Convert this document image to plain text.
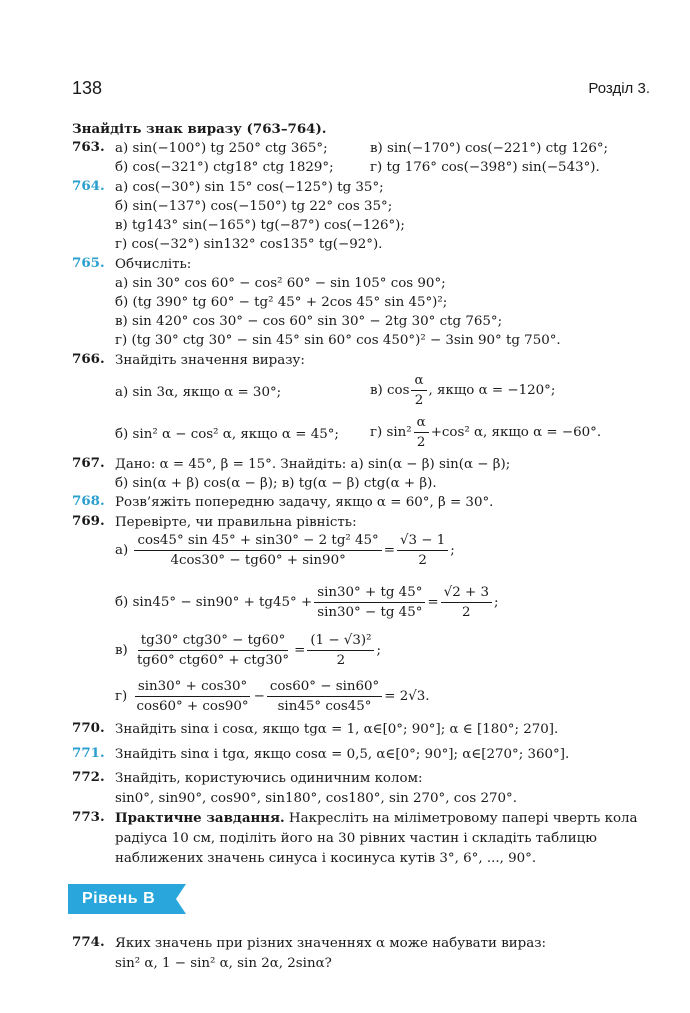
138	Розділ 3.
Знайдіть знак виразу (763–764).
763. а) sin(−100°) tg 250° ctg 365°;	в) sin(−170°) cos(−221°) ctg 126°;
б) cos(−321°) ctg18° ctg 1829°;	г) tg 176° cos(−398°) sin(−543°).
764. а) cos(−30°) sin 15° cos(−125°) tg 35°;
б) sin(−137°) cos(−150°) tg 22° cos 35°;
в) tg143° sin(−165°) tg(−87°) cos(−126°);
г) cos(−32°) sin132° cos135° tg(−92°).
765. Обчисліть:
а) sin 30° cos 60° − cos² 60° − sin 105° cos 90°;
б) (tg 390° tg 60° − tg² 45° + 2cos 45° sin 45°)²;
в) sin 420° cos 30° − cos 60° sin 30° − 2tg 30° ctg 765°;
г) (tg 30° ctg 30° − sin 45° sin 60° cos 450°)² − 3sin 90° tg 750°.
766. Знайдіть значення виразу:
а) sin 3α, якщо α = 30°;	в) $\cos \frac{\alpha}{2}$ , якщо α = −120°;
б) sin² α − cos² α, якщо α = 45°; г) $\sin^2 \frac{\alpha}{2} +\cos^2$ α, якщо α = −60°.
767. Дано: α = 45°, β = 15°. Знайдіть: а) sin(α − β) sin(α − β);
б) sin(α + β) cos(α − β); в) tg(α − β) ctg(α + β).
768. Розв’яжіть попередню задачу, якщо α = 60°, β = 30°.
769. Перевірте, чи правильна рівність:
$а) \frac{\text{cos45° sin 45° + sin30° − 2 tg² 45°}}{4\cos 30^\circ - tg60^\circ + \sin 90^\circ} = \frac{√3 - 1}{2}$ ;
б) $\sin 45^\circ - \sin 90^\circ + tg45^\circ + \frac{\sin 30^\circ + tg 45^\circ}{\sin 30^\circ - tg 45^\circ} = \frac{√2 + 3}{2}$ ;
$в) \frac{\text{tg30° ctg30° − tg60°}}{\text{tg60° ctg60° + ctg30°}} = \frac{\text{(1 − √3)²}}{2}$ ;
$г) \frac{\sin 30^\circ + \cos 30^\circ}{\cos 60^\circ + \cos 90^\circ} - \frac{\cos 60^\circ - \sin 60^\circ}{\sin 45^\circ \cos 45^\circ} = 2√3$.
770. Знайдіть sinα і cosα, якщо tgα = 1, α∈[0°; 90°]; α ∈ [180°; 270].
771. Знайдіть sinα і tgα, якщо cosα = 0,5, α∈[0°; 90°]; α∈[270°; 360°].
772. Знайдіть, користуючись одиничним колом:
sin0°, sin90°, cos90°, sin180°, cos180°, sin 270°, cos 270°.
773. Практичне завдання. Накресліть на міліметровому папері чверть кола
радіуса 10 см, поділіть його на 30 рівних частин і складіть таблицю
наближених значень синуса і косинуса кутів 3°, 6°, ..., 90°.
Рівень В
774. Яких значень при різних значеннях α може набувати вираз:
sin² α, 1 − sin² α, sin 2α, 2sinα?
